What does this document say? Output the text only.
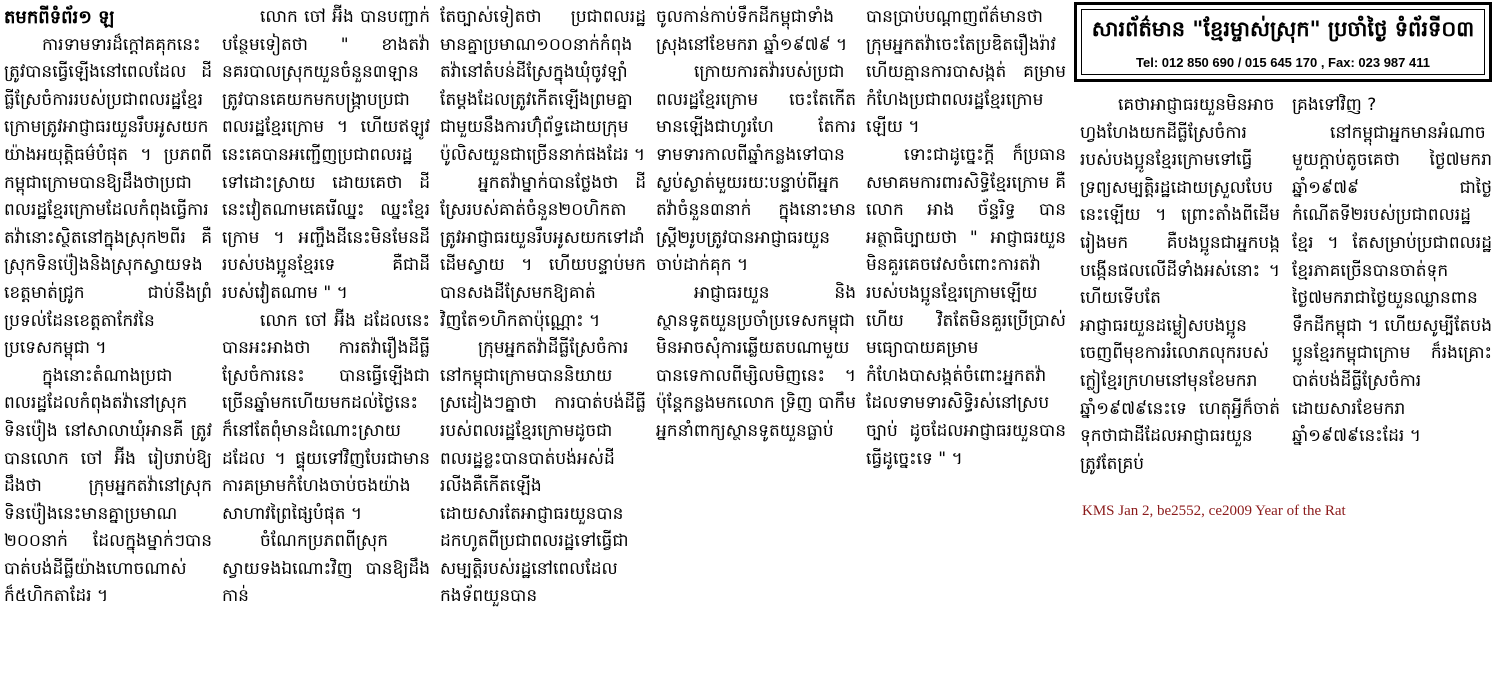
តមកពីទំព័រ១ ឡ

ការទាមទារដ៏ក្តៅគគុកនេះ ត្រូវបានធ្វើឡើងនៅពេលដែល ដីធ្លីស្រែចំការរបស់ប្រជាពលរដ្ឋខ្មែរក្រោមត្រូវអាជ្ញាធរយួនរឹបអូសយកយ៉ាងអយុត្តិធម៌បំផុត ។ ប្រភពពីកម្ពុជាក្រោមបានឱ្យដឹងថាប្រជាពលរដ្ឋខ្មែរក្រោមដែលកំពុងធ្វើការតវ៉ានោះស្ថិតនៅក្នុងស្រុក២ពីរ គឺស្រុកទិនប៉ៀងនិងស្រុកស្វាយទង ខេត្តមាត់ជ្រូក ជាប់នឹងព្រំប្រទល់ដែនខេត្តតាកែវនៃប្រទេសកម្ពុជា ។

ក្នុងនោះតំណាងប្រជាពលរដ្ឋដែលកំពុងតវ៉ានៅស្រុកទិនប៉ៀង នៅសាលាឃុំអានគី ត្រូវបានលោក ចៅ អ៊ីង រៀបរាប់ឱ្យដឹងថា ក្រុមអ្នកតវ៉ានៅស្រុកទិនប៉ៀងនេះមានគ្នាប្រមាណ ២០០នាក់ ដែលក្នុងម្នាក់ៗបានបាត់បង់ដីធ្លីយ៉ាងហោចណាស់ក៏៥ហិកតាដែរ ។

លោក ចៅ អ៊ីង បានបញ្ជាក់បន្ថែមទៀតថា " ខាងតវ៉ានគរបាលស្រុកយួនចំនួន៣ឡានត្រូវបានគេយកមកបង្ក្រាបប្រជាពលរដ្ឋខ្មែរក្រោម ។ ហើយឥឡូវនេះគេបានអញ្ជើញប្រជាពលរដ្ឋទៅដោះស្រាយ ដោយគេថា ដីនេះវៀតណាមគេរើឈ្នះ ឈ្នះខ្មែរក្រោម ។ អញ្ចឹងដីនេះមិនមែនដីរបស់បងប្អូនខ្មែរទេ គឺជាដីរបស់វៀតណាម " ។

លោក ចៅ អ៊ីង ដដែលនេះបានអះអាងថា ការតវ៉ារឿងដីធ្លីស្រែចំការនេះ បានធ្វើឡើងជាច្រើនឆ្នាំមកហើយមកដល់ថ្ងៃនេះ ក៏នៅតែពុំមានដំណោះស្រាយដដែល ។ ផ្ទុយទៅវិញបែរជាមានការគម្រាមកំហែងចាប់ចងយ៉ាងសាហាវព្រៃផ្សៃបំផុត ។

ចំណែកប្រភពពីស្រុកស្វាយទងឯណោះវិញ បានឱ្យដឹងកាន់

តែច្បាស់ទៀតថា ប្រជាពលរដ្ឋមានគ្នាប្រមាណ១០០នាក់កំពុងតវ៉ានៅតំបន់ដីស្រែក្នុងឃុំចូវឡាំ តែម្តងដែលត្រូវកើតឡើងព្រមគ្នាជាមួយនឹងការហ៊ុំព័ទ្ធដោយក្រុមប៉ូលិសយួនជាច្រើននាក់ផងដែរ ។

អ្នកតវ៉ាម្នាក់បានថ្លែងថា ដីស្រែរបស់គាត់ចំនួន២០ហិកតាត្រូវអាជ្ញាធរយួនរឹបអូសយកទៅដាំដើមស្វាយ ។ ហើយបន្ទាប់មកបានសងដីស្រែមកឱ្យគាត់វិញតែ១ហិកតាប៉ុណ្ណោះ ។

ក្រុមអ្នកតវ៉ាដីធ្លីស្រែចំការនៅកម្ពុជាក្រោមបាននិយាយស្រដៀងៗគ្នាថា ការបាត់បង់ដីធ្លីរបស់ពលរដ្ឋខ្មែរក្រោមដូចជាពលរដ្ឋខ្លះបានបាត់បង់អស់ដីរលីងគឺកើតឡើងដោយសារតែអាជ្ញាធរយួនបានដកហូតពីប្រជាពលរដ្ឋទៅធ្វើជាសម្បត្តិរបស់រដ្ឋនៅពេលដែលកងទ័ពយួនបាន

ចូលកាន់កាប់ទឹកដីកម្ពុជាទាំងស្រុងនៅខែមករា ឆ្នាំ១៩៧៩ ។

ក្រោយការតវ៉ារបស់ប្រជាពលរដ្ឋខ្មែរក្រោម ចេះតែកើតមានឡើងជាហូរហែ តែការទាមទារកាលពីឆ្នាំកន្លងទៅបានស្ងប់ស្ងាត់មួយរយៈបន្ទាប់ពីអ្នកតវ៉ាចំនួន៣នាក់ ក្នុងនោះមានស្ត្រី២រូបត្រូវបានអាជ្ញាធរយួនចាប់ដាក់គុក ។

អាជ្ញាធរយួន និងស្ថានទូតយួនប្រចាំប្រទេសកម្ពុជាមិនអាចសុំការឆ្លើយតបណាមួយបានទេកាលពីម្សិលមិញនេះ ។ ប៉ុន្តែកន្លងមកលោក ទ្រិញ បាកឹម អ្នកនាំពាក្យស្ថានទូតយួនធ្លាប់

បានប្រាប់បណ្តាញព័ត៌មានថា ក្រុមអ្នកតវ៉ាចេះតែប្រឌិតរឿងរ៉ាវ ហើយគ្មានការបាសង្កត់ គម្រាមកំហែងប្រជាពលរដ្ឋខ្មែរក្រោមឡើយ ។

ទោះជាដូច្នេះក្តី ក៏ប្រធានសមាគមការពារសិទ្ធិខ្មែរក្រោម គឺលោក អាង ច័ន្ទរិទ្ធ បានអត្ថាធិប្បាយថា " អាជ្ញាធរយួនមិនគួរគេចវេសចំពោះការតវ៉ារបស់បងប្អូនខ្មែរក្រោមឡើយហើយ វិតតែមិនគួរប្រើប្រាស់មធ្យោបាយគម្រាមកំហែងបាសង្កត់ចំពោះអ្នកតវ៉ាដែលទាមទារសិទ្ធិរស់នៅស្របច្បាប់ ដូចដែលអាជ្ញាធរយួនបានធ្វើដូច្នេះទេ " ។

សារព័ត៌មាន "ខ្មែរម្ចាស់ស្រុក" ប្រចាំថ្ងៃ ទំព័រទី០៣
Tel: 012 850 690 / 015 645 170 , Fax: 023 987 411

គេថាអាជ្ញាធរយួនមិនអាចហ្វងហែងយកដីធ្លីស្រែចំការរបស់បងប្អូនខ្មែរក្រោមទៅធ្វើទ្រព្យសម្បត្តិរដ្ឋដោយស្រួលបែបនេះឡើយ ។ ព្រោះតាំងពីដើមរៀងមក គឺបងប្អូនជាអ្នកបង្កបង្កើនផលលើដីទាំងអស់នោះ ។ ហើយទើបតែអាជ្ញាធរយួនដម្លៀសបងប្អូនចេញពីមុខការរំលោភលុករបស់ក្លៀខ្មែរក្រហមនៅមុនខែមករា ឆ្នាំ១៩៧៩នេះទេ ហេតុអ្វីក៏ចាត់ទុកថាជាដីដែលអាជ្ញាធរយួនត្រូវតែគ្រប់

គ្រងទៅវិញ ?

នៅកម្ពុជាអ្នកមានអំណាចមួយក្តាប់តូចគេថា ថ្ងៃ៧មករា ឆ្នាំ១៩៧៩ ជាថ្ងៃកំណើតទី២របស់ប្រជាពលរដ្ឋខ្មែរ ។ តែសម្រាប់ប្រជាពលរដ្ឋខ្មែរភាគច្រើនបានចាត់ទុកថ្ងៃ៧មករាជាថ្ងៃយួនឈ្លានពានទឹកដីកម្ពុជា ។ ហើយសូម្បីតែបងប្អូនខ្មែរកម្ពុជាក្រោម ក៏រងគ្រោះបាត់បង់ដីធ្លីស្រែចំការ ដោយសារខែមករា ឆ្នាំ១៩៧៩នេះដែរ ។

KMS Jan 2, be2552, ce2009 Year of the Rat
